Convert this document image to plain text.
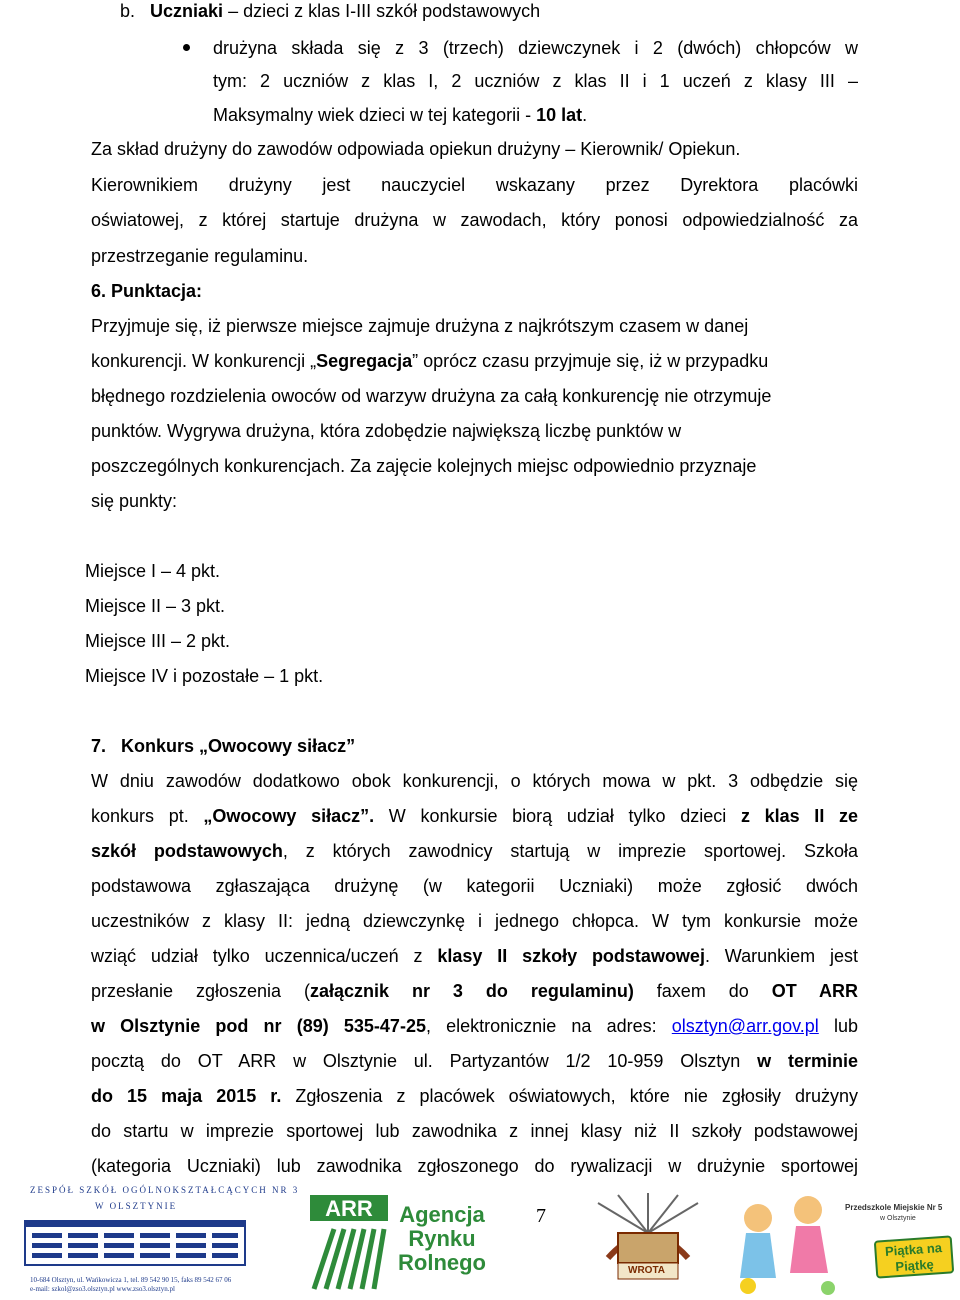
b. Uczniaki – dzieci z klas I-III szkół podstawowych
drużyna składa się z 3 (trzech) dziewczynek i 2 (dwóch) chłopców w
tym: 2 uczniów z klas I, 2 uczniów z klas II i 1 uczeń z klasy III –
Maksymalny wiek dzieci w tej kategorii - 10 lat.
Za skład drużyny do zawodów odpowiada opiekun drużyny – Kierownik/ Opiekun.
Kierownikiem drużyny jest nauczyciel wskazany przez Dyrektora placówki
oświatowej, z której startuje drużyna w zawodach, który ponosi odpowiedzialność za
przestrzeganie regulaminu.
6. Punktacja:
Przyjmuje się, iż pierwsze miejsce zajmuje drużyna z najkrótszym czasem w danej
konkurencji. W konkurencji „Segregacja” oprócz czasu przyjmuje się, iż w przypadku
błędnego rozdzielenia owoców od warzyw drużyna za całą konkurencję nie otrzymuje
punktów. Wygrywa drużyna, która zdobędzie największą liczbę punktów w
poszczególnych konkurencjach. Za zajęcie kolejnych miejsc odpowiednio przyznaje
się punkty:
Miejsce I – 4 pkt.
Miejsce II – 3 pkt.
Miejsce III – 2 pkt.
Miejsce IV i pozostałe – 1 pkt.
7. Konkurs „Owocowy siłacz”
W dniu zawodów dodatkowo obok konkurencji, o których mowa w pkt. 3 odbędzie się
konkurs pt. „Owocowy siłacz”. W konkursie biorą udział tylko dzieci z klas II ze
szkół podstawowych, z których zawodnicy startują w imprezie sportowej. Szkoła
podstawowa zgłaszająca drużynę (w kategorii Uczniaki) może zgłosić dwóch
uczestników z klasy II: jedną dziewczynkę i jednego chłopca. W tym konkursie może
wziąć udział tylko uczennica/uczeń z klasy II szkoły podstawowej. Warunkiem jest
przesłanie zgłoszenia (załącznik nr 3 do regulaminu) faxem do OT ARR
w Olsztynie pod nr (89) 535-47-25, elektronicznie na adres: olsztyn@arr.gov.pl lub
pocztą do OT ARR w Olsztynie ul. Partyzantów 1/2 10-959 Olsztyn w terminie
do 15 maja 2015 r. Zgłoszenia z placówek oświatowych, które nie zgłosiły drużyny
do startu w imprezie sportowej lub zawodnika z innej klasy niż II szkoły podstawowej
(kategoria Uczniaki) lub zawodnika zgłoszonego do rywalizacji w drużynie sportowej
ZESPÓŁ SZKÓŁ OGÓLNOKSZTAŁCĄCYCH NR 3
W OLSZTYNIE
10-684 Olsztyn, ul. Wańkowicza 1, tel. 89 542 90 15, faks 89 542 67 06
e-mail: szkol@zso3.olsztyn.pl www.zso3.olsztyn.pl
ARR Agencja
Rynku
Rolnego
7
WROTA
Przedszkole Miejskie Nr 5
w Olsztynie
Piątka na
Piątkę
